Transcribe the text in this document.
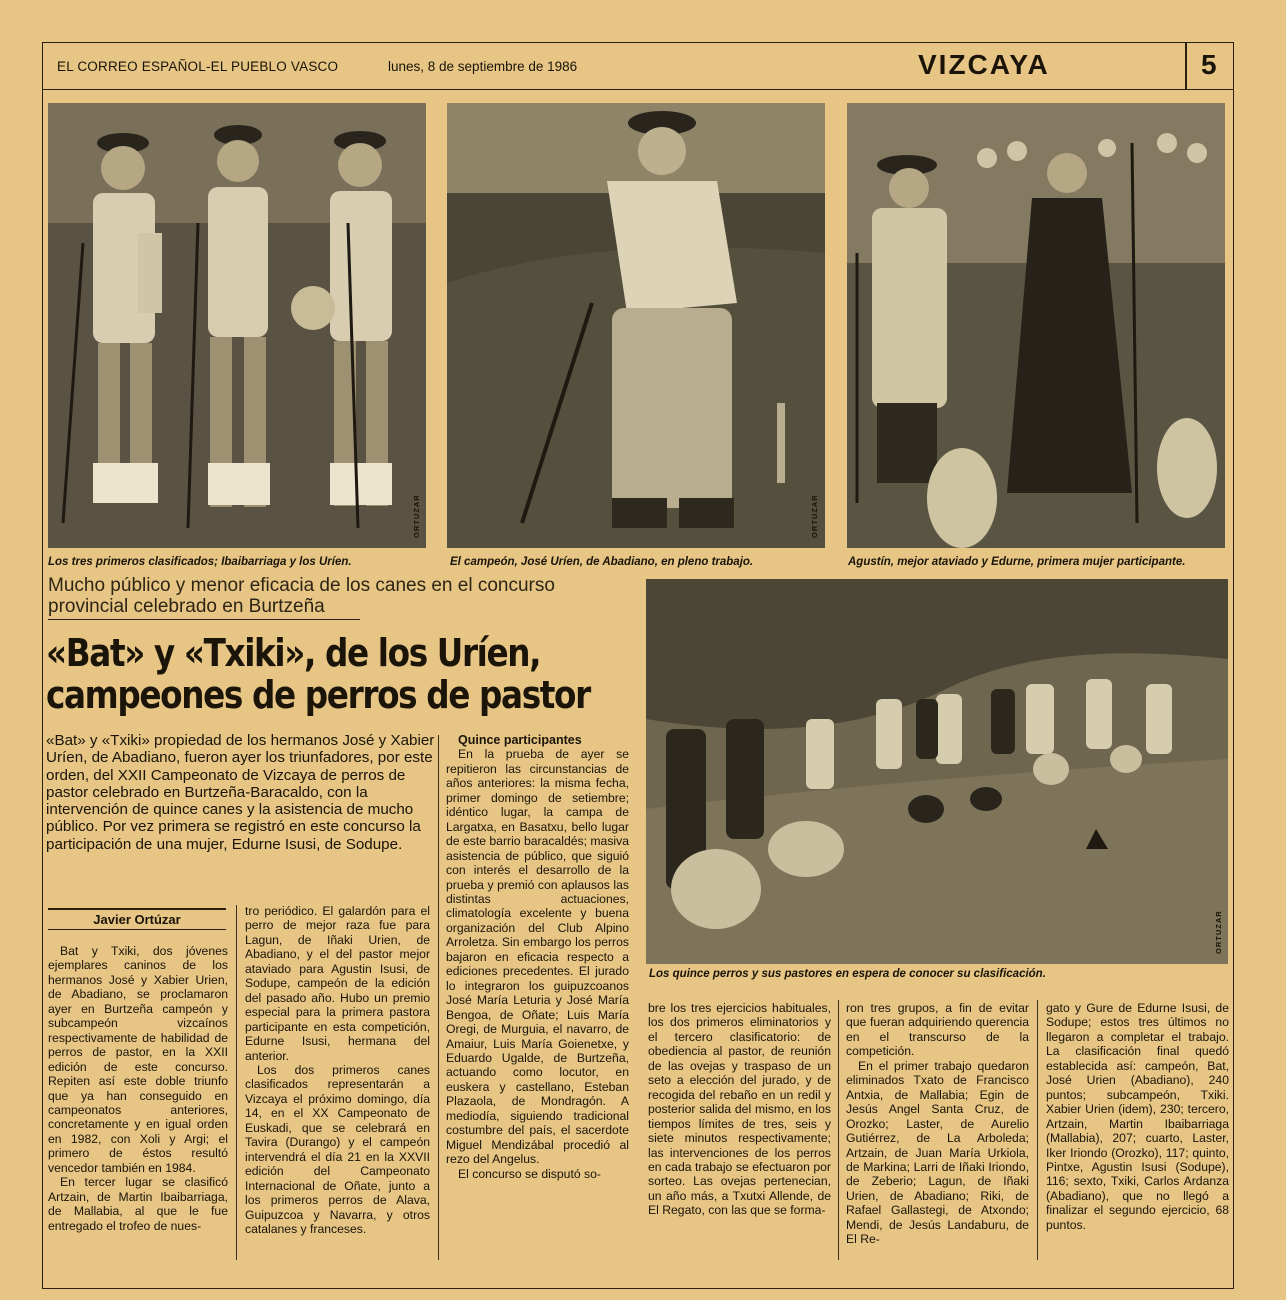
EL CORREO ESPAÑOL-EL PUEBLO VASCO	lunes, 8 de septiembre de 1986	VIZCAYA	5
ORTUZAR	ORTUZAR
Los tres primeros clasificados; Ibaibarriaga y los Uríen.	El campeón, José Uríen, de Abadiano, en pleno trabajo.	Agustín, mejor ataviado y Edurne, primera mujer participante.
Mucho público y menor eficacia de los canes en el concurso
provincial celebrado en Burtzeña
«Bat» y «Txiki», de los Uríen,
campeones de perros de pastor
«Bat» y «Txiki» propiedad de los hermanos José y Xabier Uríen, de Abadiano, fueron ayer los triunfadores, por este orden, del XXII Campeonato de Vizcaya de perros de pastor celebrado en Burtzeña-Baracaldo, con la intervención de quince canes y la asistencia de mucho público. Por vez primera se registró en este concurso la participación de una mujer, Edurne Isusi, de Sodupe.
ORTUZAR
Los quince perros y sus pastores en espera de conocer su clasificación.
Javier Ortúzar

Bat y Txiki, dos jóvenes ejemplares caninos de los hermanos José y Xabier Urien, de Abadiano, se proclamaron ayer en Burtzeña campeón y subcampeón vizcaínos respectivamente de habilidad de perros de pastor, en la XXII edición de este concurso. Repiten así este doble triunfo que ya han conseguido en campeonatos anteriores, concretamente y en igual orden en 1982, con Xoli y Argi; el primero de éstos resultó vencedor también en 1984.

En tercer lugar se clasificó Artzain, de Martin Ibaibarriaga, de Mallabia, al que le fue entregado el trofeo de nues-

tro periódico. El galardón para el perro de mejor raza fue para Lagun, de Iñaki Urien, de Abadiano, y el del pastor mejor ataviado para Agustin Isusi, de Sodupe, campeón de la edición del pasado año. Hubo un premio especial para la primera pastora participante en esta competición, Edurne Isusi, hermana del anterior.

Los dos primeros canes clasificados representarán a Vizcaya el próximo domingo, día 14, en el XX Campeonato de Euskadi, que se celebrará en Tavira (Durango) y el campeón intervendrá el día 21 en la XXVII edición del Campeonato Internacional de Oñate, junto a los primeros perros de Alava, Guipuzcoa y Navarra, y otros catalanes y franceses.

Quince participantes

En la prueba de ayer se repitieron las circunstancias de años anteriores: la misma fecha, primer domingo de setiembre; idéntico lugar, la campa de Largatxa, en Basatxu, bello lugar de este barrio baracaldés; masiva asistencia de público, que siguió con interés el desarrollo de la prueba y premió con aplausos las distintas actuaciones, climatología excelente y buena organización del Club Alpino Arroletza. Sin embargo los perros bajaron en eficacia respecto a ediciones precedentes. El jurado lo integraron los guipuzcoanos José María Leturia y José María Bengoa, de Oñate; Luis María Oregi, de Murguia, el navarro, de Amaiur, Luis María Goienetxe, y Eduardo Ugalde, de Burtzeña, actuando como locutor, en euskera y castellano, Esteban Plazaola, de Mondragón. A mediodía, siguiendo tradicional costumbre del país, el sacerdote Miguel Mendizábal procedió al rezo del Angelus.

El concurso se disputó so-

bre los tres ejercicios habituales, los dos primeros eliminatorios y el tercero clasificatorio: de obediencia al pastor, de reunión de las ovejas y traspaso de un seto a elección del jurado, y de recogida del rebaño en un redil y posterior salida del mismo, en los tiempos límites de tres, seis y siete minutos respectivamente; las intervenciones de los perros en cada trabajo se efectuaron por sorteo. Las ovejas pertenecian, un año más, a Txutxi Allende, de El Regato, con las que se forma-

ron tres grupos, a fin de evitar que fueran adquiriendo querencia en el transcurso de la competición.

En el primer trabajo quedaron eliminados Txato de Francisco Antxia, de Mallabia; Egin de Jesús Angel Santa Cruz, de Orozko; Laster, de Aurelio Gutiérrez, de La Arboleda; Artzain, de Juan María Urkiola, de Markina; Larri de Iñaki Iriondo, de Zeberio; Lagun, de Iñaki Urien, de Abadiano; Riki, de Rafael Gallastegi, de Atxondo; Mendi, de Jesús Landaburu, de El Re-

gato y Gure de Edurne Isusi, de Sodupe; estos tres últimos no llegaron a completar el trabajo. La clasificación final quedó establecida así: campeón, Bat, José Urien (Abadiano), 240 puntos; subcampeón, Txiki. Xabier Urien (idem), 230; tercero, Artzain, Martin Ibaibarriaga (Mallabia), 207; cuarto, Laster, Iker Iriondo (Orozko), 117; quinto, Pintxe, Agustin Isusi (Sodupe), 116; sexto, Txiki, Carlos Ardanza (Abadiano), que no llegó a finalizar el segundo ejercicio, 68 puntos.
